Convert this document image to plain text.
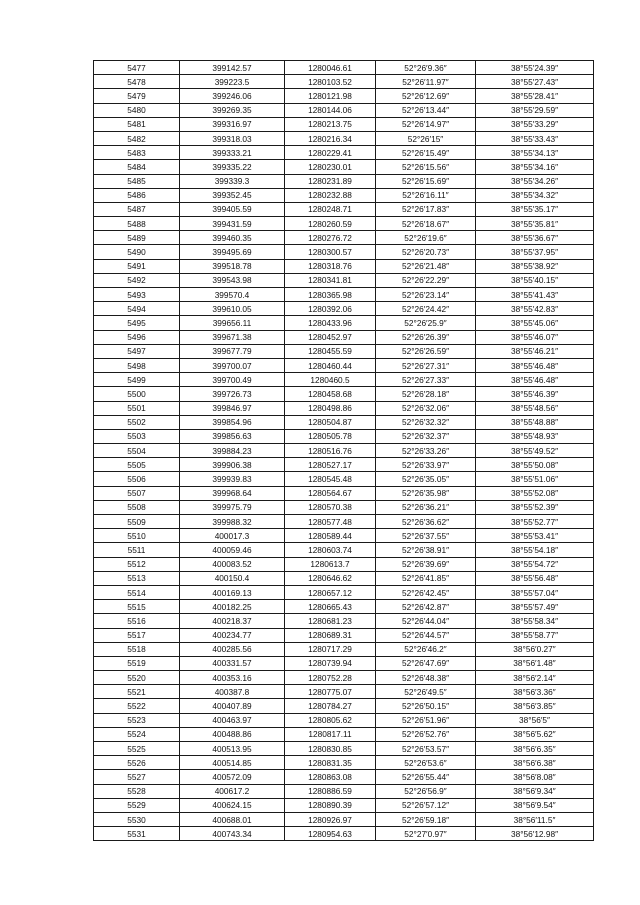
5477	399142.57	1280046.61	52°26′9.36″	38°55′24.39″
5478	399223.5	1280103.52	52°26′11.97″	38°55′27.43″
5479	399246.06	1280121.98	52°26′12.69″	38°55′28.41″
5480	399269.35	1280144.06	52°26′13.44″	38°55′29.59″
5481	399316.97	1280213.75	52°26′14.97″	38°55′33.29″
5482	399318.03	1280216.34	52°26′15″	38°55′33.43″
5483	399333.21	1280229.41	52°26′15.49″	38°55′34.13″
5484	399335.22	1280230.01	52°26′15.56″	38°55′34.16″
5485	399339.3	1280231.89	52°26′15.69″	38°55′34.26″
5486	399352.45	1280232.88	52°26′16.11″	38°55′34.32″
5487	399405.59	1280248.71	52°26′17.83″	38°55′35.17″
5488	399431.59	1280260.59	52°26′18.67″	38°55′35.81″
5489	399460.35	1280276.72	52°26′19.6″	38°55′36.67″
5490	399495.69	1280300.57	52°26′20.73″	38°55′37.95″
5491	399518.78	1280318.76	52°26′21.48″	38°55′38.92″
5492	399543.98	1280341.81	52°26′22.29″	38°55′40.15″
5493	399570.4	1280365.98	52°26′23.14″	38°55′41.43″
5494	399610.05	1280392.06	52°26′24.42″	38°55′42.83″
5495	399656.11	1280433.96	52°26′25.9″	38°55′45.06″
5496	399671.38	1280452.97	52°26′26.39″	38°55′46.07″
5497	399677.79	1280455.59	52°26′26.59″	38°55′46.21″
5498	399700.07	1280460.44	52°26′27.31″	38°55′46.48″
5499	399700.49	1280460.5	52°26′27.33″	38°55′46.48″
5500	399726.73	1280458.68	52°26′28.18″	38°55′46.39″
5501	399846.97	1280498.86	52°26′32.06″	38°55′48.56″
5502	399854.96	1280504.87	52°26′32.32″	38°55′48.88″
5503	399856.63	1280505.78	52°26′32.37″	38°55′48.93″
5504	399884.23	1280516.76	52°26′33.26″	38°55′49.52″
5505	399906.38	1280527.17	52°26′33.97″	38°55′50.08″
5506	399939.83	1280545.48	52°26′35.05″	38°55′51.06″
5507	399968.64	1280564.67	52°26′35.98″	38°55′52.08″
5508	399975.79	1280570.38	52°26′36.21″	38°55′52.39″
5509	399988.32	1280577.48	52°26′36.62″	38°55′52.77″
5510	400017.3	1280589.44	52°26′37.55″	38°55′53.41″
5511	400059.46	1280603.74	52°26′38.91″	38°55′54.18″
5512	400083.52	1280613.7	52°26′39.69″	38°55′54.72″
5513	400150.4	1280646.62	52°26′41.85″	38°55′56.48″
5514	400169.13	1280657.12	52°26′42.45″	38°55′57.04″
5515	400182.25	1280665.43	52°26′42.87″	38°55′57.49″
5516	400218.37	1280681.23	52°26′44.04″	38°55′58.34″
5517	400234.77	1280689.31	52°26′44.57″	38°55′58.77″
5518	400285.56	1280717.29	52°26′46.2″	38°56′0.27″
5519	400331.57	1280739.94	52°26′47.69″	38°56′1.48″
5520	400353.16	1280752.28	52°26′48.38″	38°56′2.14″
5521	400387.8	1280775.07	52°26′49.5″	38°56′3.36″
5522	400407.89	1280784.27	52°26′50.15″	38°56′3.85″
5523	400463.97	1280805.62	52°26′51.96″	38°56′5″
5524	400488.86	1280817.11	52°26′52.76″	38°56′5.62″
5525	400513.95	1280830.85	52°26′53.57″	38°56′6.35″
5526	400514.85	1280831.35	52°26′53.6″	38°56′6.38″
5527	400572.09	1280863.08	52°26′55.44″	38°56′8.08″
5528	400617.2	1280886.59	52°26′56.9″	38°56′9.34″
5529	400624.15	1280890.39	52°26′57.12″	38°56′9.54″
5530	400688.01	1280926.97	52°26′59.18″	38°56′11.5″
5531	400743.34	1280954.63	52°27′0.97″	38°56′12.98″
